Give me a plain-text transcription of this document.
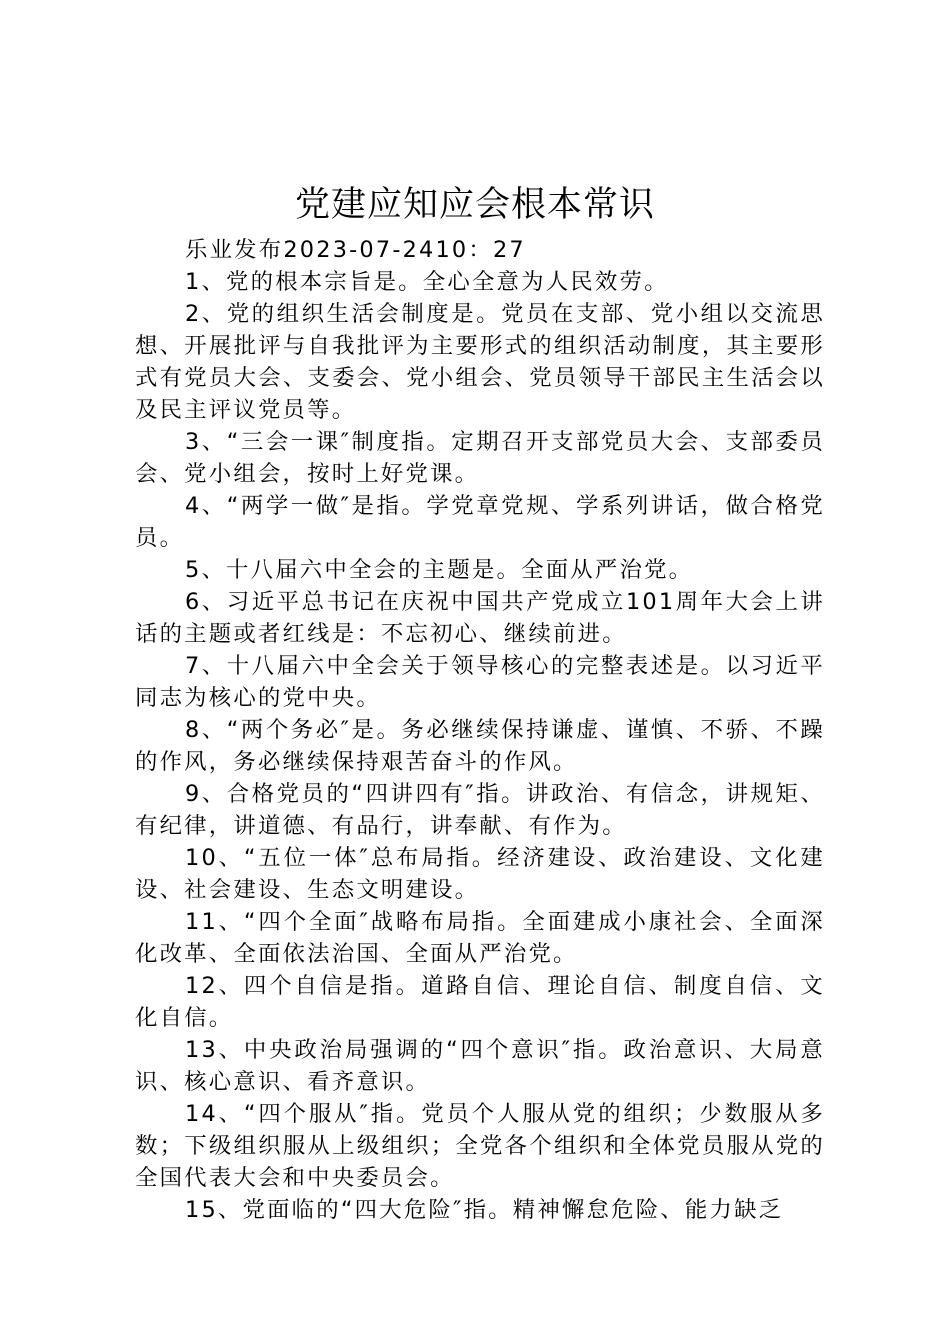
党建应知应会根本常识

乐业发布2023-07-2410：27

1、党的根本宗旨是。全心全意为人民效劳。

2、党的组织生活会制度是。党员在支部、党小组以交流思想、开展批评与自我批评为主要形式的组织活动制度，其主要形式有党员大会、支委会、党小组会、党员领导干部民主生活会以及民主评议党员等。

3、“三会一课″制度指。定期召开支部党员大会、支部委员会、党小组会，按时上好党课。

4、“两学一做″是指。学党章党规、学系列讲话，做合格党员。

5、十八届六中全会的主题是。全面从严治党。

6、习近平总书记在庆祝中国共产党成立101周年大会上讲话的主题或者红线是：不忘初心、继续前进。

7、十八届六中全会关于领导核心的完整表述是。以习近平同志为核心的党中央。

8、“两个务必″是。务必继续保持谦虚、谨慎、不骄、不躁的作风，务必继续保持艰苦奋斗的作风。

9、合格党员的“四讲四有″指。讲政治、有信念，讲规矩、有纪律，讲道德、有品行，讲奉献、有作为。

10、“五位一体″总布局指。经济建设、政治建设、文化建设、社会建设、生态文明建设。

11、“四个全面″战略布局指。全面建成小康社会、全面深化改革、全面依法治国、全面从严治党。

12、四个自信是指。道路自信、理论自信、制度自信、文化自信。

13、中央政治局强调的“四个意识″指。政治意识、大局意识、核心意识、看齐意识。

14、“四个服从″指。党员个人服从党的组织；少数服从多数；下级组织服从上级组织；全党各个组织和全体党员服从党的全国代表大会和中央委员会。

15、党面临的“四大危险″指。精神懈怠危险、能力缺乏
